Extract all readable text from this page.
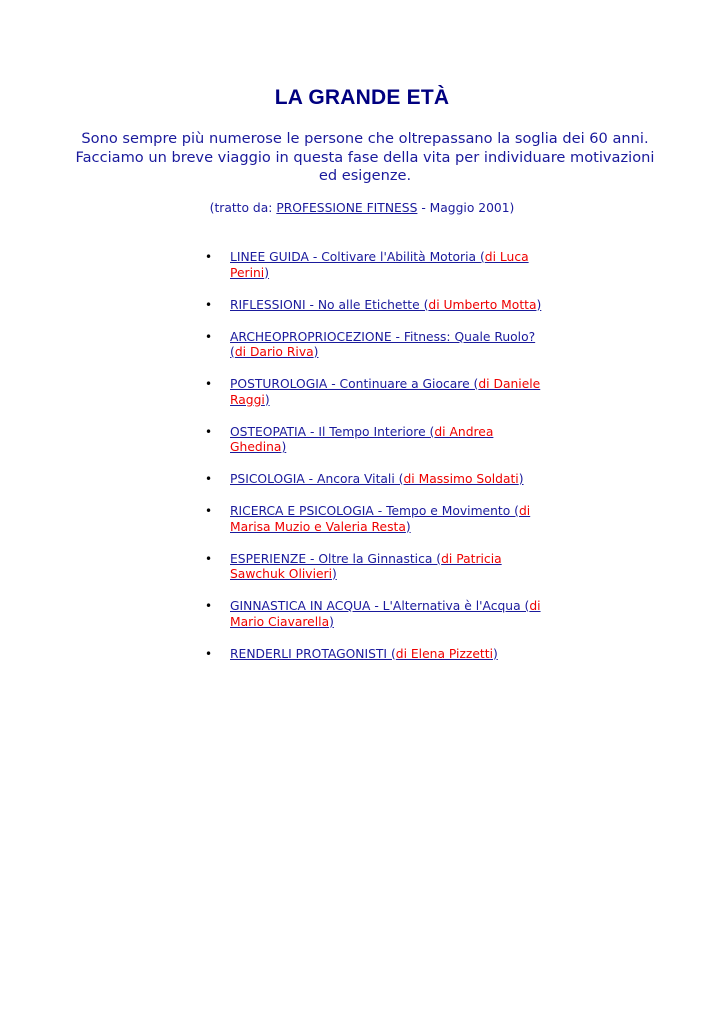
LA GRANDE ETÀ

Sono sempre più numerose le persone che oltrepassano la soglia dei 60 anni. Facciamo un breve viaggio in questa fase della vita per individuare motivazioni ed esigenze.

(tratto da: PROFESSIONE FITNESS - Maggio 2001)

• LINEE GUIDA - Coltivare l'Abilità Motoria (di Luca Perini)
• RIFLESSIONI - No alle Etichette (di Umberto Motta)
• ARCHEOPROPRIOCEZIONE - Fitness: Quale Ruolo? (di Dario Riva)
• POSTUROLOGIA - Continuare a Giocare (di Daniele Raggi)
• OSTEOPATIA - Il Tempo Interiore (di Andrea Ghedina)
• PSICOLOGIA - Ancora Vitali (di Massimo Soldati)
• RICERCA E PSICOLOGIA - Tempo e Movimento (di Marisa Muzio e Valeria Resta)
• ESPERIENZE - Oltre la Ginnastica (di Patricia Sawchuk Olivieri)
• GINNASTICA IN ACQUA - L'Alternativa è l'Acqua (di Mario Ciavarella)
• RENDERLI PROTAGONISTI (di Elena Pizzetti)
